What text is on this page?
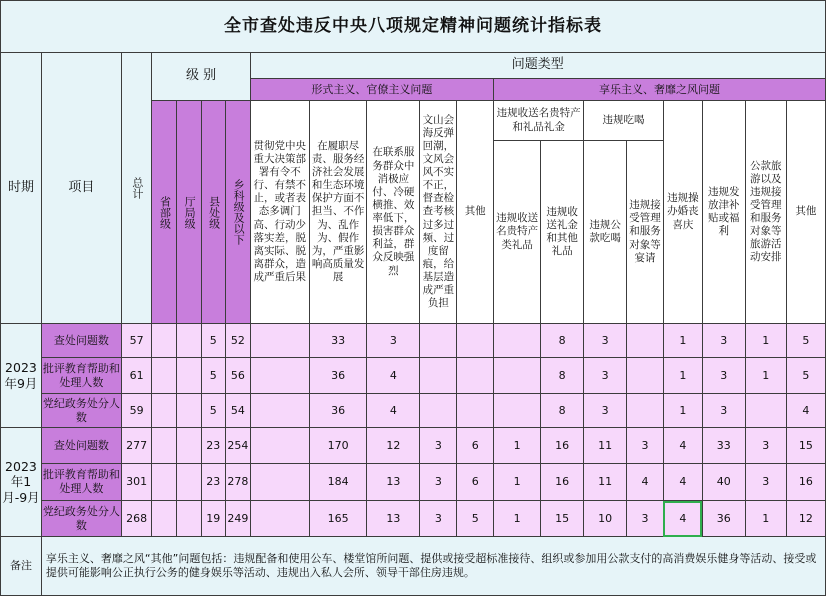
全市查处违反中央八项规定精神问题统计指标表																			
时期	项目	总计	级 别				问题类型												
							形式主义、官僚主义问题					享乐主义、奢靡之风问题							

			省部级	厅局级	县处级	乡科级及以下	贯彻党中央重大决策部署有令不行、有禁不止，或者表态多调门高、行动少落实差，脱离实际、脱离群众，造成严重后果	在履职尽责、服务经济社会发展和生态环境保护方面不担当、不作为、乱作为、假作为，严重影响高质量发展	在联系服务群众中消极应付、冷硬横推、效率低下，损害群众利益，群众反映强烈	文山会海反弹回潮，文风会风不实不正，督查检查考核过多过频、过度留痕，给基层造成严重负担	其他	违规收送名贵特产和礼品礼金		违规吃喝		违规操办婚丧喜庆	违规发放津补贴或福利	公款旅游以及违规接受管理和服务对象等旅游活动安排	其他
												违规收送名贵特产类礼品	违规收送礼金和其他礼品	违规公款吃喝	违规接受管理和服务对象等宴请				
2023年9月	查处问题数	57			5	52		33	3				8	3		1	3	1	5
	批评教育帮助和处理人数	61			5	56		36	4				8	3		1	3	1	5
	党纪政务处分人数	59			5	54		36	4				8	3		1	3		4
2023年1月-9月	查处问题数	277			23	254		170	12	3	6	1	16	11	3	4	33	3	15
	批评教育帮助和处理人数	301			23	278		184	13	3	6	1	16	11	4	4	40	3	16
	党纪政务处分人数	268			19	249		165	13	3	5	1	15	10	3	4	36	1	12
备注	享乐主义、奢靡之风“其他”问题包括：违规配备和使用公车、楼堂馆所问题、提供或接受超标准接待、组织或参加用公款支付的高消费娱乐健身等活动、接受或提供可能影响公正执行公务的健身娱乐等活动、违规出入私人会所、领导干部住房违规。																		
